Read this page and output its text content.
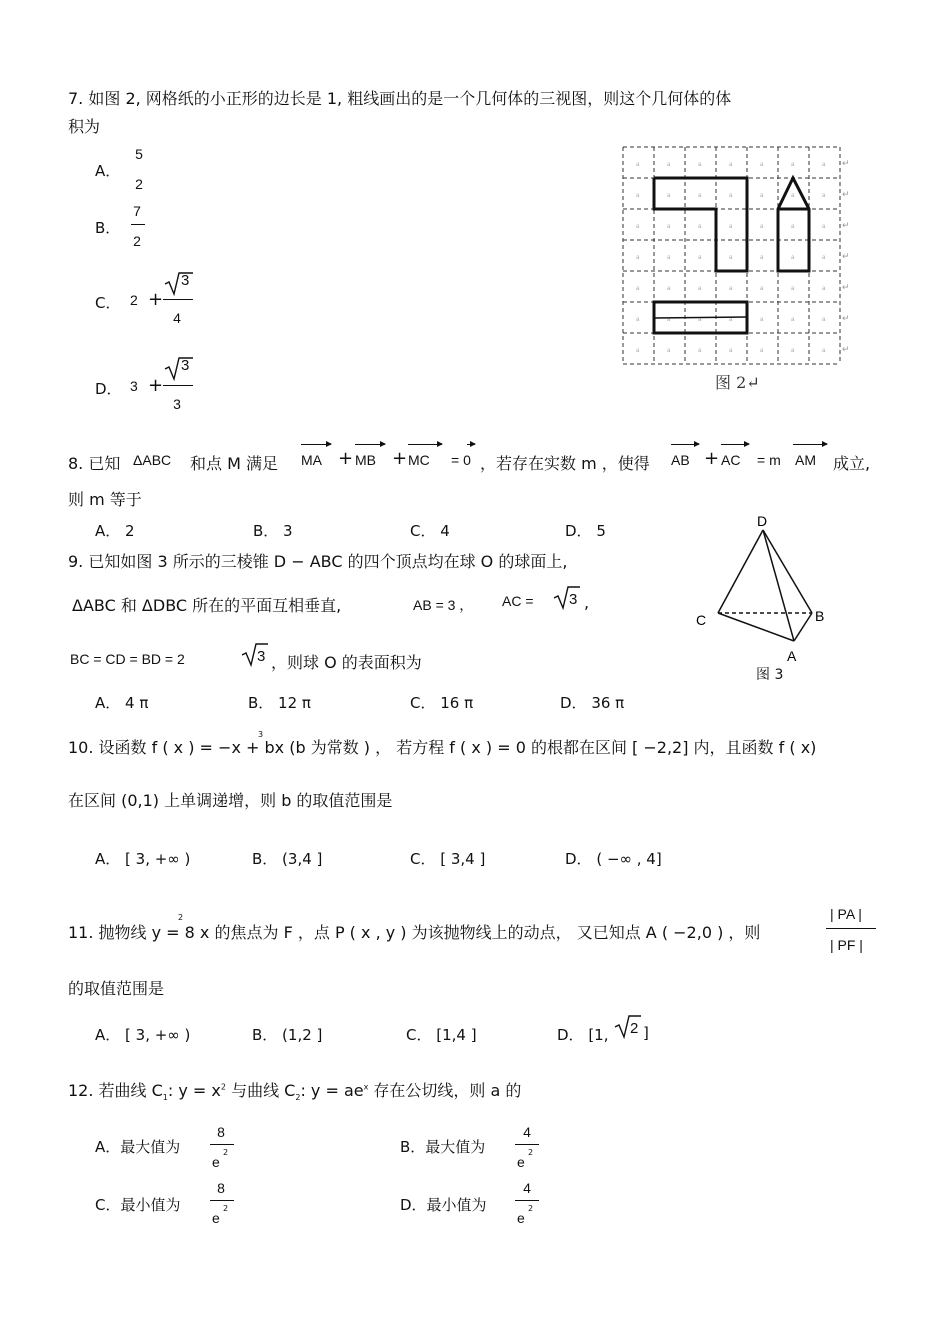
7. 如图 2, 网格纸的小正形的边长是 1, 粗线画出的是一个几何体的三视图，则这个几何体的体
积为
A．
5
2
B．
7
2
C． 2 +
3
4
D． 3 +
3
3
a	a	a	a	a	a	a
a	a	a	a	a	a	a
a	a	a	a	a	a	a
a	a	a	a	a	a	a
a	a	a	a	a	a	a
a	a	a	a	a	a	a
a	a	a	a	a	a	a
↵
↵
↵
↵
↵
↵
↵
图 2↵
8. 已知 ΔABC 和点 M 满足 MA + MB + MC = 0 ，若存在实数 m ，使得 AB + AC = m AM 成立,
则 m 等于
A． 2	B． 3	C． 4	D． 5
9. 已知如图 3 所示的三棱锥 D − ABC 的四个顶点均在球 O 的球面上,
ΔABC 和 ΔDBC 所在的平面互相垂直,	AB = 3 ， AC = 3 ,
BC = CD = BD = 2	3 ，则球 O 的表面积为
A． 4 π	B． 12 π	C． 16 π	D． 36 π
D
C	B
A
图 3
10. 设函数 f ( x ) = −x + bx (b 为常数 ) ， 若方程 f ( x ) = 0 的根都在区间 [ −2,2] 内，且函数 f ( x)
3
在区间 (0,1) 上单调递增，则 b 的取值范围是
A． [ 3, +∞ )	B． (3,4 ]	C． [ 3,4 ]	D． ( −∞ , 4]
11. 抛物线 y = 8 x 的焦点为 F ，点 P ( x , y ) 为该抛物线上的动点， 又已知点 A ( −2,0 ) ，则
2	| PA |
| PF |
的取值范围是
A． [ 3, +∞ )	B． (1,2 ]	C． [1,4 ]	D． [1, 2 ]
12. 若曲线 $C_1$: $y = x^2$ 与曲线 $C_2$: $y = ae^x$ 存在公切线，则 a 的
A．最大值为
8
e
2	B．最大值为
4
e
2
C．最小值为
8
e
2	D．最小值为
4
e
2
